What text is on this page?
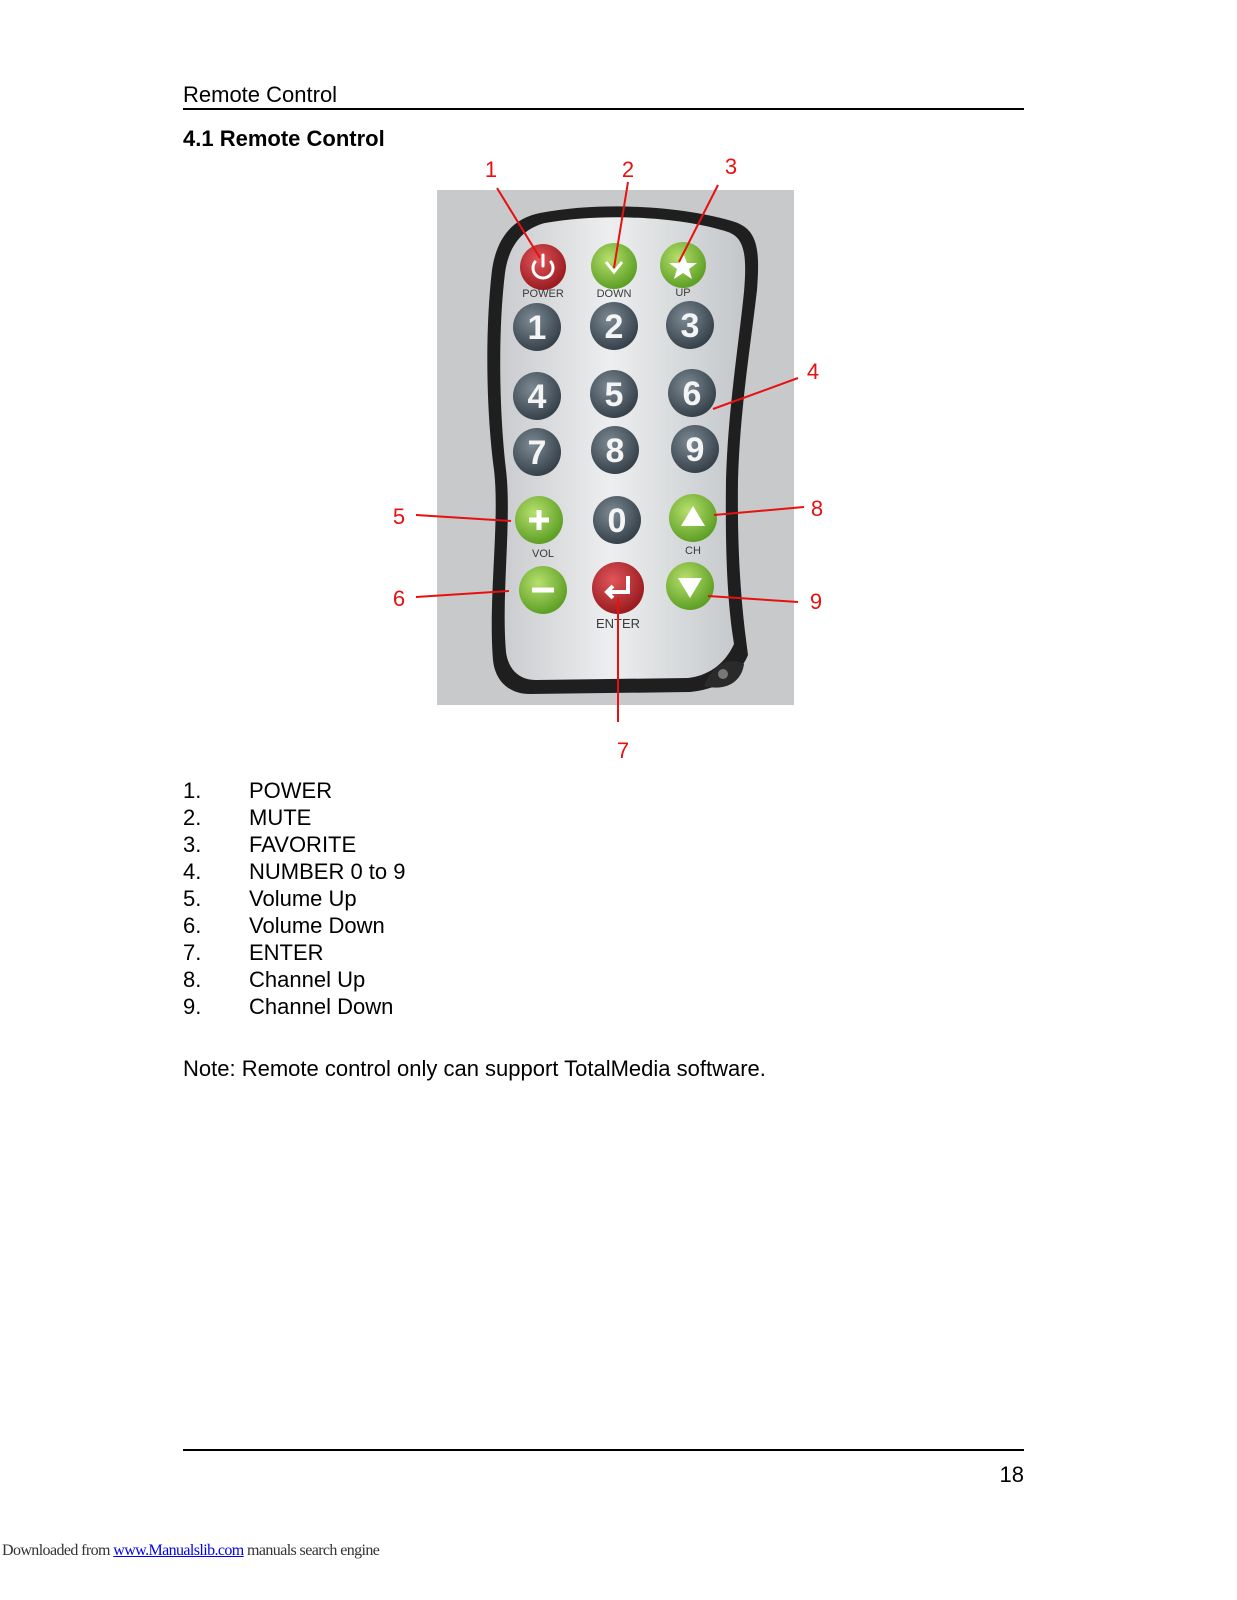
Remote Control
4.1 Remote Control
POWER	DOWN	UP
1 2 3
4 5 6
7 8 9
0
VOL	CH
ENTER
1	2	3
4
5
6
7
8
9
1. POWER
2. MUTE
3. FAVORITE
4. NUMBER 0 to 9
5. Volume Up
6. Volume Down
7. ENTER
8. Channel Up
9. Channel Down
Note: Remote control only can support TotalMedia software.
18
Downloaded from www.Manualslib.com manuals search engine
